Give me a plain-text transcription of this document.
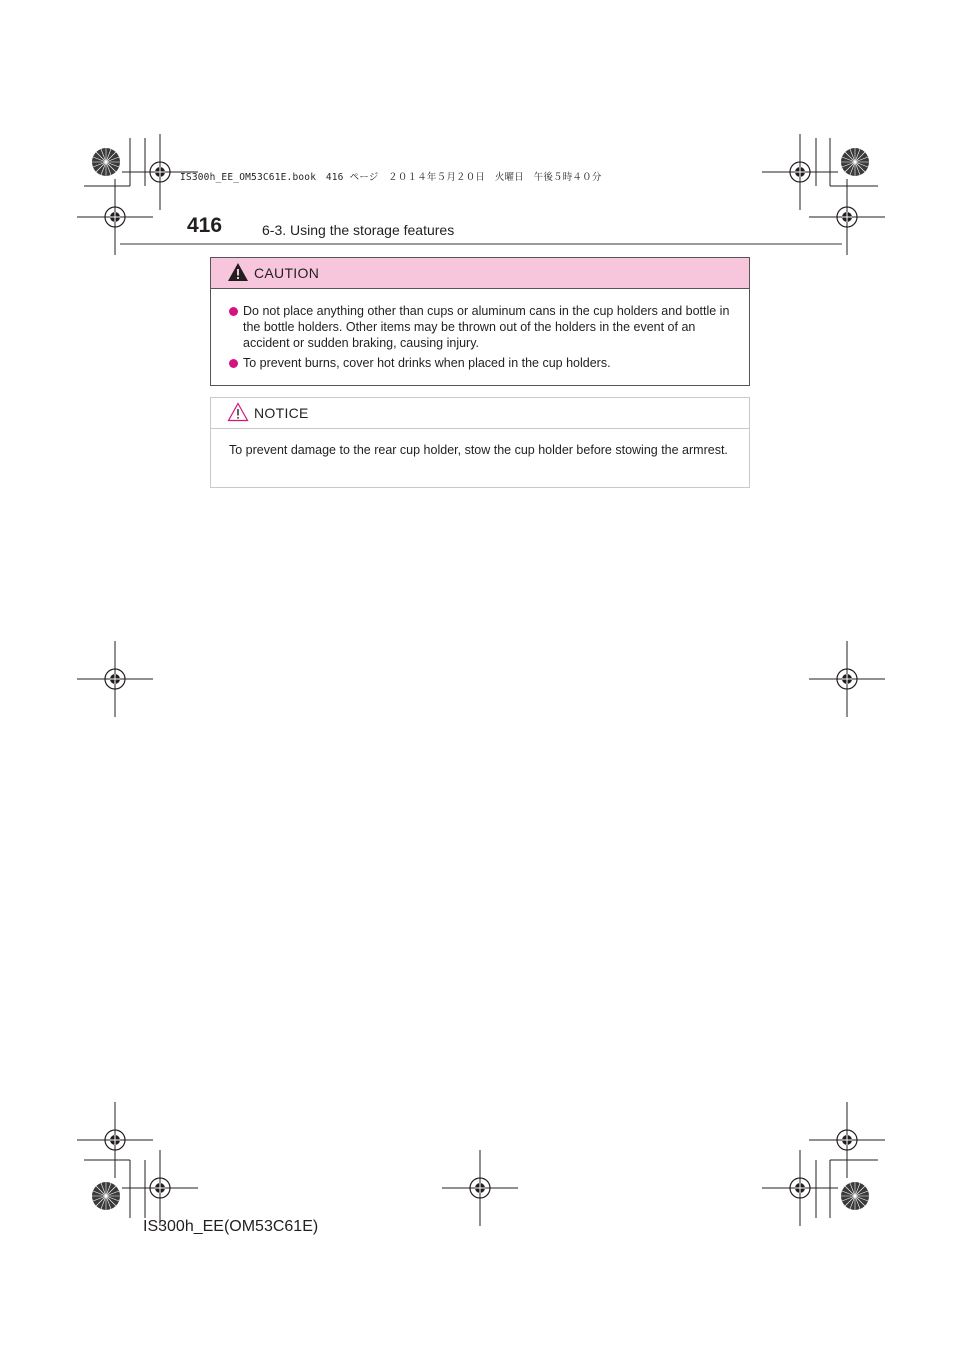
IS300h_EE_OM53C61E.book　416 ページ　２０１４年５月２０日　火曜日　午後５時４０分
416	6-3. Using the storage features
CAUTION
Do not place anything other than cups or aluminum cans in the cup holders and bottle in the bottle holders. Other items may be thrown out of the holders in the event of an accident or sudden braking, causing injury.
To prevent burns, cover hot drinks when placed in the cup holders.
NOTICE
To prevent damage to the rear cup holder, stow the cup holder before stowing the armrest.
IS300h_EE(OM53C61E)
